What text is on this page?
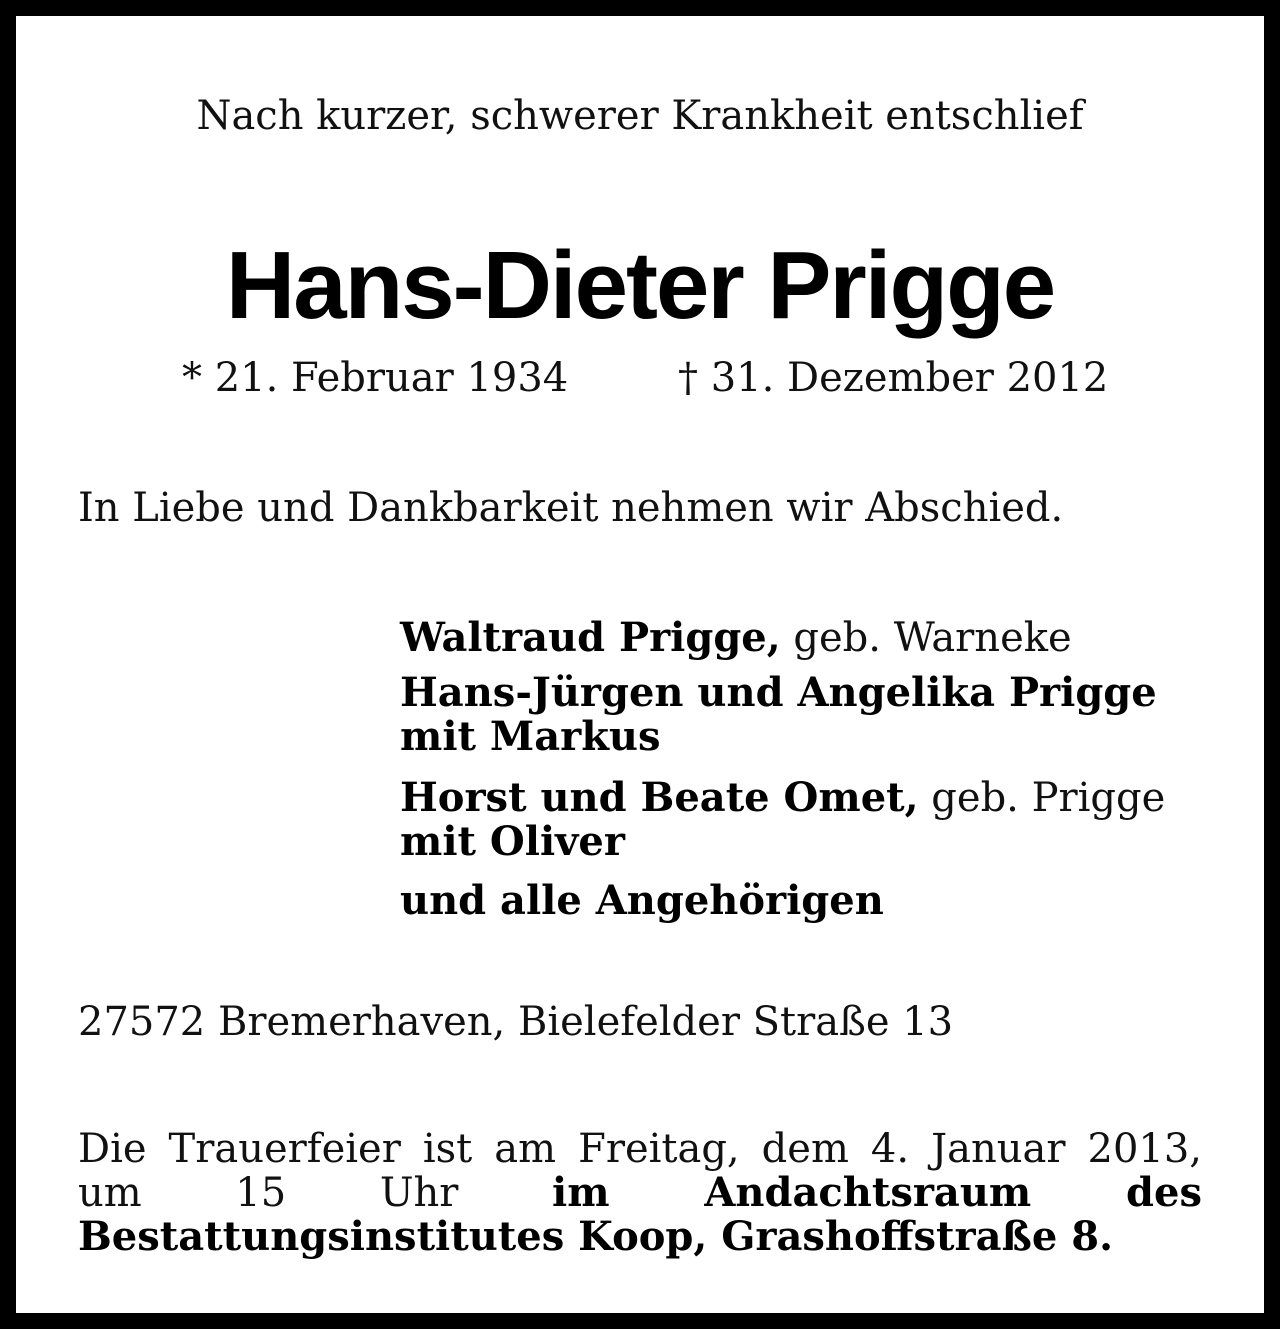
Nach kurzer, schwerer Krankheit entschlief

Hans-Dieter Prigge

* 21. Februar 1934	† 31. Dezember 2012

In Liebe und Dankbarkeit nehmen wir Abschied.

Waltraud Prigge, geb. Warneke

Hans-Jürgen und Angelika Prigge

mit Markus

Horst und Beate Omet, geb. Prigge

mit Oliver

und alle Angehörigen

27572 Bremerhaven, Bielefelder Straße 13

Die Trauerfeier ist am Freitag, dem 4. Januar 2013, um 15 Uhr im Andachtsraum des Bestattungsinstitutes Koop, Grashoffstraße 8.
